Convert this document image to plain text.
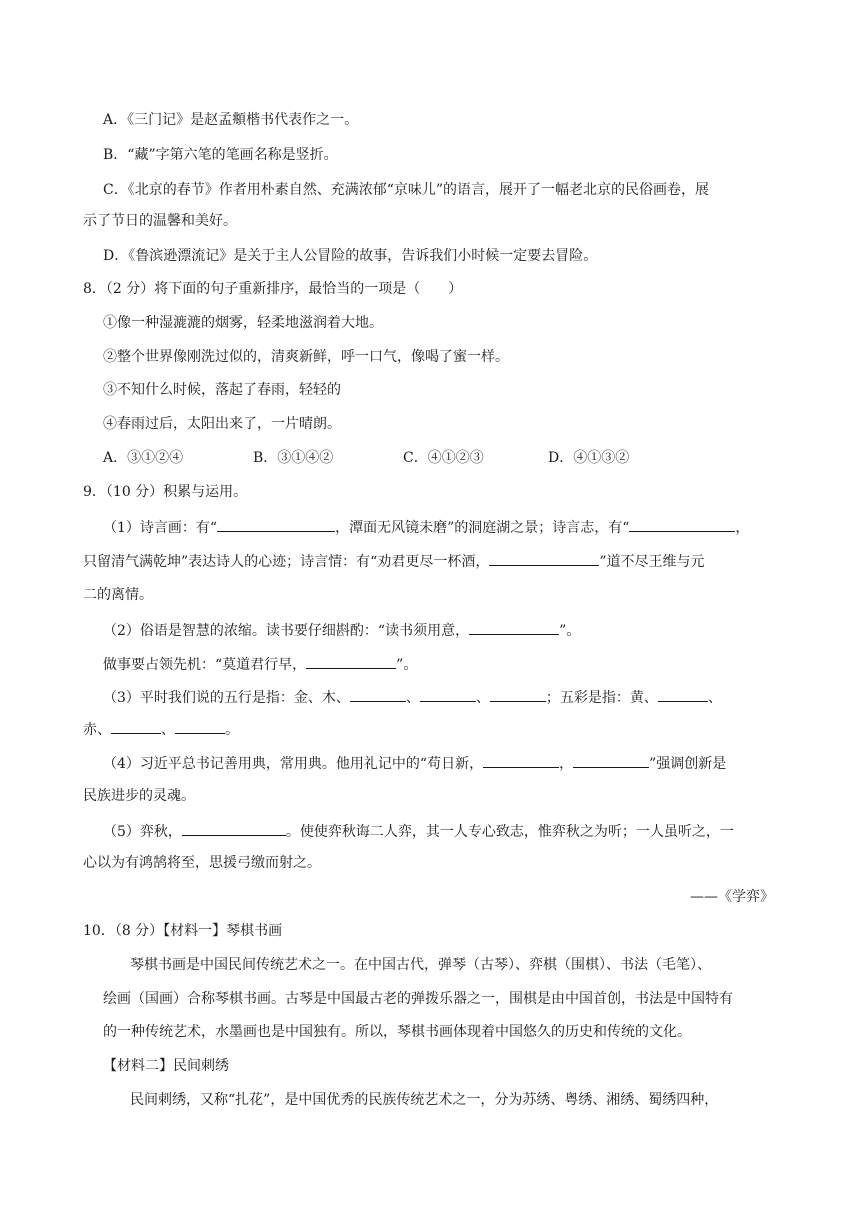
A．《三门记》是赵孟頫楷书代表作之一。
B．“藏”字第六笔的笔画名称是竖折。
C．《北京的春节》作者用朴素自然、充满浓郁“京味儿”的语言，展开了一幅老北京的民俗画卷，展
示了节日的温馨和美好。
D．《鲁滨逊漂流记》是关于主人公冒险的故事，告诉我们小时候一定要去冒险。
8．（2 分）将下面的句子重新排序，最恰当的一项是（　　）
①像一种湿漉漉的烟雾，轻柔地滋润着大地。
②整个世界像刚洗过似的，清爽新鲜，呼一口气，像喝了蜜一样。
③不知什么时候，落起了春雨，轻轻的
④春雨过后，太阳出来了，一片晴朗。
A．③①②④	B．③①④②	C．④①②③	D．④①③②
9．（10 分）积累与运用。
（1）诗言画：有“	，潭面无风镜未磨”的洞庭湖之景；诗言志，有“	，
只留清气满乾坤”表达诗人的心迹；诗言情：有“劝君更尽一杯酒，	”道不尽王维与元
二的离情。
（2）俗语是智慧的浓缩。读书要仔细斟酌：“读书须用意，	”。
做事要占领先机：“莫道君行早，	”。
（3）平时我们说的五行是指：金、木、	、	、	；五彩是指：黄、	、
赤、	、	。
（4）习近平总书记善用典，常用典。他用礼记中的“苟日新，	，	”强调创新是
民族进步的灵魂。
（5）弈秋，	。使使弈秋诲二人弈，其一人专心致志，惟弈秋之为听；一人虽听之，一
心以为有鸿鹄将至，思援弓缴而射之。
——《学弈》
10．（8 分）【材料一】琴棋书画
琴棋书画是中国民间传统艺术之一。在中国古代，弹琴（古琴）、弈棋（围棋）、书法（毛笔）、
绘画（国画）合称琴棋书画。古琴是中国最古老的弹拨乐器之一，围棋是由中国首创，书法是中国特有
的一种传统艺术，水墨画也是中国独有。所以，琴棋书画体现着中国悠久的历史和传统的文化。
【材料二】民间刺绣
民间刺绣，又称“扎花”，是中国优秀的民族传统艺术之一，分为苏绣、粤绣、湘绣、蜀绣四种，
